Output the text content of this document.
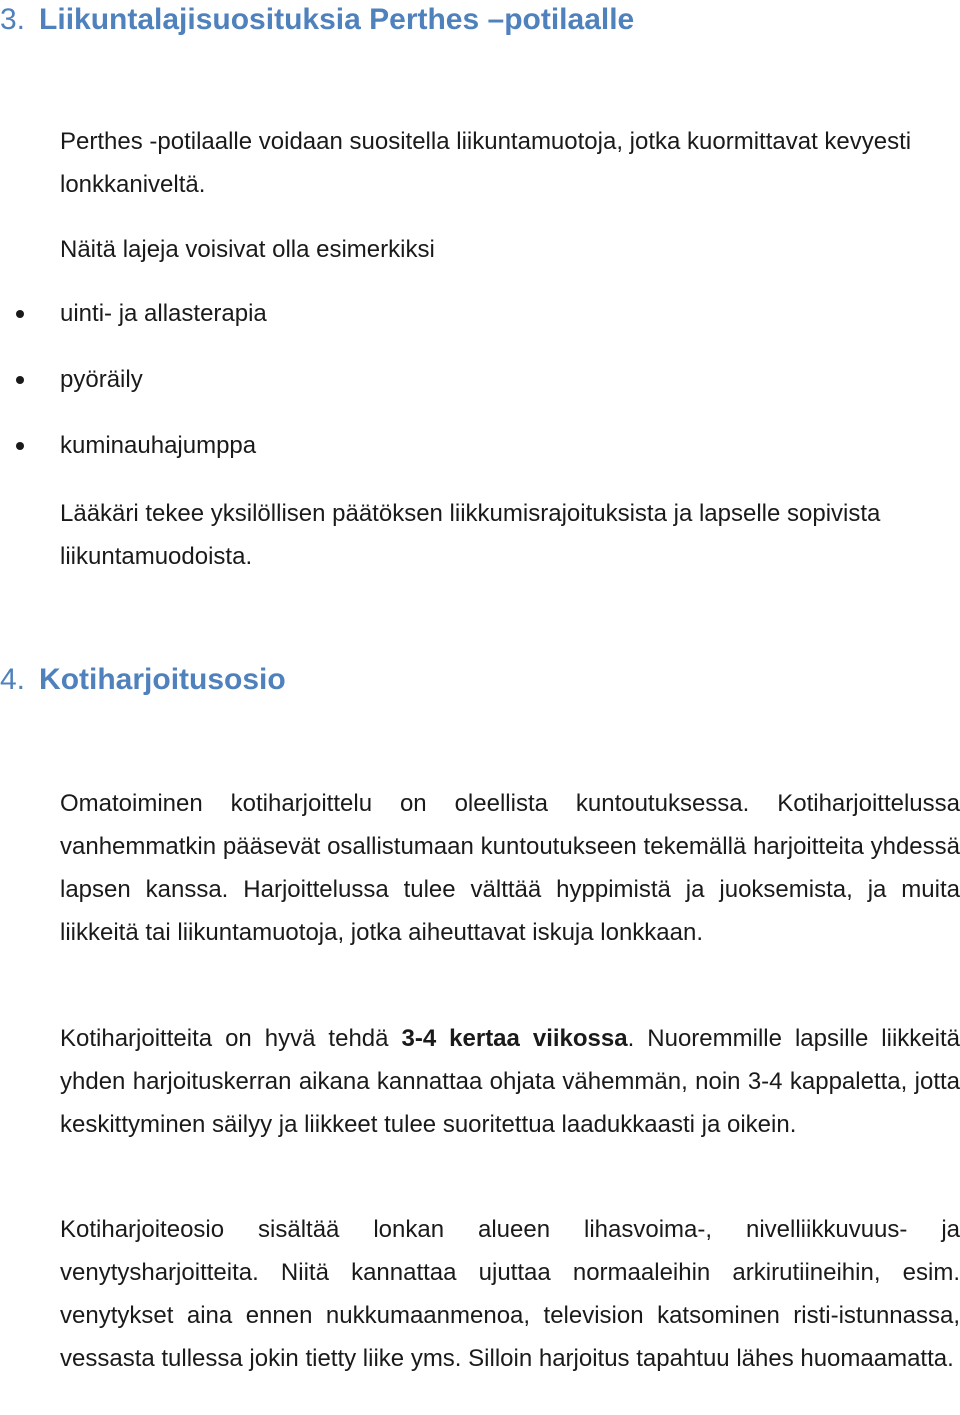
3. Liikuntalajisuosituksia Perthes –potilaalle

Perthes -potilaalle voidaan suositella liikuntamuotoja, jotka kuormittavat kevyesti lonkkaniveltä.

Näitä lajeja voisivat olla esimerkiksi

uinti- ja allasterapia
pyöräily
kuminauhajumppa

Lääkäri tekee yksilöllisen päätöksen liikkumisrajoituksista ja lapselle sopivista liikuntamuodoista.

4. Kotiharjoitusosio

Omatoiminen kotiharjoittelu on oleellista kuntoutuksessa. Kotiharjoittelussa vanhemmatkin pääsevät osallistumaan kuntoutukseen tekemällä harjoitteita yhdessä lapsen kanssa. Harjoittelussa tulee välttää hyppimistä ja juoksemista, ja muita liikkeitä tai liikuntamuotoja, jotka aiheuttavat iskuja lonkkaan.

Kotiharjoitteita on hyvä tehdä 3-4 kertaa viikossa. Nuoremmille lapsille liikkeitä yhden harjoituskerran aikana kannattaa ohjata vähemmän, noin 3-4 kappaletta, jotta keskittyminen säilyy ja liikkeet tulee suoritettua laadukkaasti ja oikein.

Kotiharjoiteosio sisältää lonkan alueen lihasvoima-, nivelliikkuvuus- ja venytysharjoitteita. Niitä kannattaa ujuttaa normaaleihin arkirutiineihin, esim. venytykset aina ennen nukkumaanmenoa, television katsominen risti-istunnassa, vessasta tullessa jokin tietty liike yms. Silloin harjoitus tapahtuu lähes huomaamatta.
